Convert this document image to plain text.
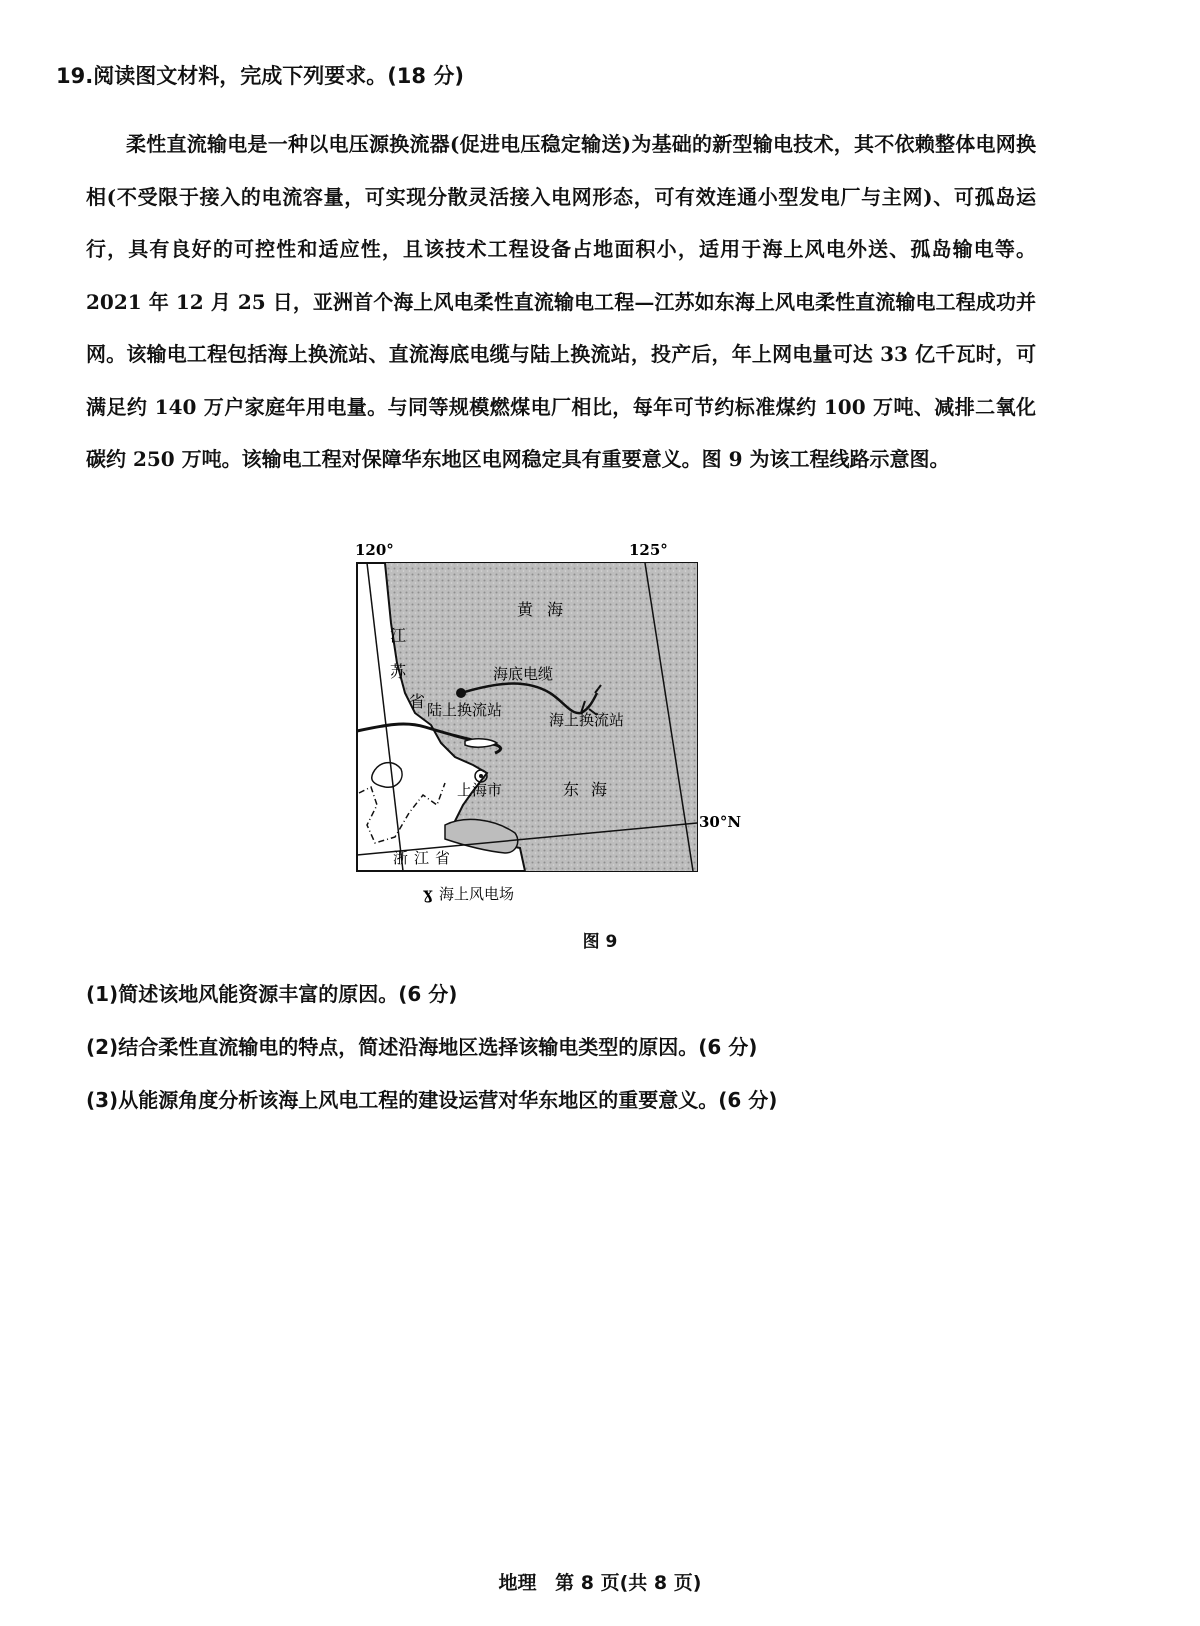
19.阅读图文材料，完成下列要求。(18 分)

柔性直流输电是一种以电压源换流器(促进电压稳定输送)为基础的新型输电技术，其不依赖整体电网换相(不受限于接入的电流容量，可实现分散灵活接入电网形态，可有效连通小型发电厂与主网)、可孤岛运行，具有良好的可控性和适应性，且该技术工程设备占地面积小，适用于海上风电外送、孤岛输电等。2021 年 12 月 25 日，亚洲首个海上风电柔性直流输电工程—江苏如东海上风电柔性直流输电工程成功并网。该输电工程包括海上换流站、直流海底电缆与陆上换流站，投产后，年上网电量可达 33 亿千瓦时，可满足约 140 万户家庭年用电量。与同等规模燃煤电厂相比，每年可节约标准煤约 100 万吨、减排二氧化碳约 250 万吨。该输电工程对保障华东地区电网稳定具有重要意义。图 9 为该工程线路示意图。

120°	125°
30°N
黄海
江
苏
省
海底电缆
陆上换流站
海上换流站
上海市	东海
浙江省
ɣ 海上风电场
图 9
(1)简述该地风能资源丰富的原因。(6 分)
(2)结合柔性直流输电的特点，简述沿海地区选择该输电类型的原因。(6 分)
(3)从能源角度分析该海上风电工程的建设运营对华东地区的重要意义。(6 分)
地理 第 8 页(共 8 页)
